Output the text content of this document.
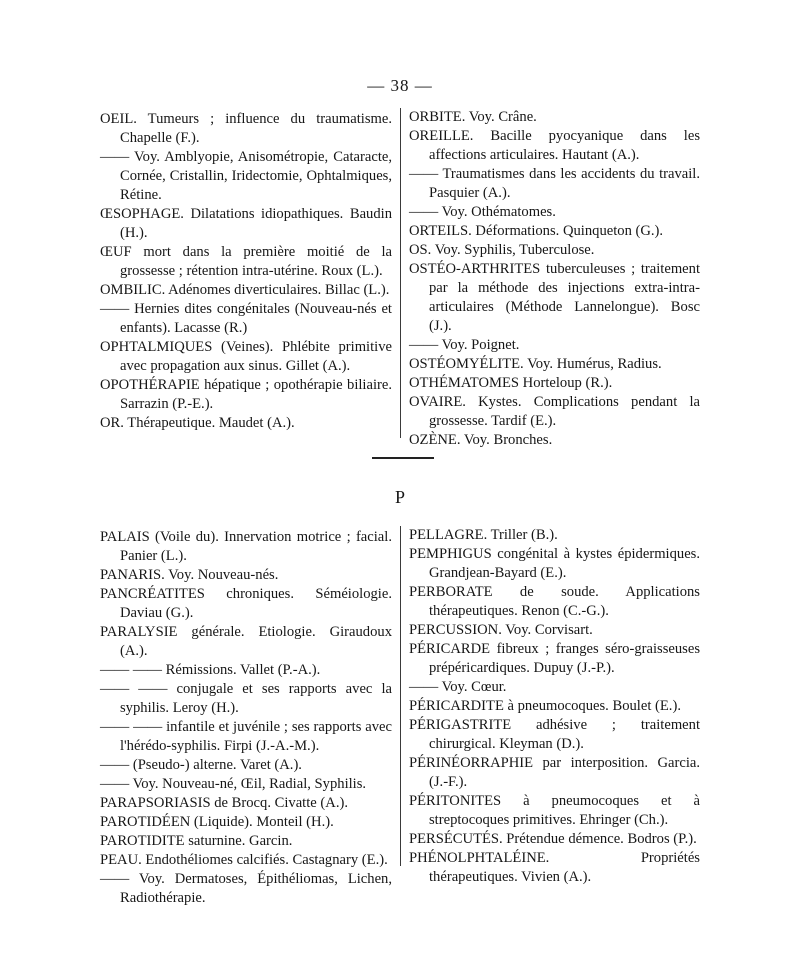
— 38 —

OEIL. Tumeurs ; influence du traumatisme. Chapelle (F.).

—— Voy. Amblyopie, Anisométropie, Cataracte, Cornée, Cristallin, Iridectomie, Ophtalmiques, Rétine.

ŒSOPHAGE. Dilatations idiopathiques. Baudin (H.).

ŒUF mort dans la première moitié de la grossesse ; rétention intra-utérine. Roux (L.).

OMBILIC. Adénomes diverticulaires. Billac (L.).

—— Hernies dites congénitales (Nouveau-nés et enfants). Lacasse (R.)

OPHTALMIQUES (Veines). Phlébite primitive avec propagation aux sinus. Gillet (A.).

OPOTHÉRAPIE hépatique ; opothérapie biliaire. Sarrazin (P.-E.).

OR. Thérapeutique. Maudet (A.).

ORBITE. Voy. Crâne.

OREILLE. Bacille pyocyanique dans les affections articulaires. Hautant (A.).

—— Traumatismes dans les accidents du travail. Pasquier (A.).

—— Voy. Othématomes.

ORTEILS. Déformations. Quinqueton (G.).

OS. Voy. Syphilis, Tuberculose.

OSTÉO-ARTHRITES tuberculeuses ; traitement par la méthode des injections extra-intra-articulaires (Méthode Lannelongue). Bosc (J.).

—— Voy. Poignet.

OSTÉOMYÉLITE. Voy. Humérus, Radius.

OTHÉMATOMES Horteloup (R.).

OVAIRE. Kystes. Complications pendant la grossesse. Tardif (E.).

OZÈNE. Voy. Bronches.

P

PALAIS (Voile du). Innervation motrice ; facial. Panier (L.).

PANARIS. Voy. Nouveau-nés.

PANCRÉATITES chroniques. Séméiologie. Daviau (G.).

PARALYSIE générale. Etiologie. Giraudoux (A.).

—— —— Rémissions. Vallet (P.-A.).

—— —— conjugale et ses rapports avec la syphilis. Leroy (H.).

—— —— infantile et juvénile ; ses rapports avec l'hérédo-syphilis. Firpi (J.-A.-M.).

—— (Pseudo-) alterne. Varet (A.).

—— Voy. Nouveau-né, Œil, Radial, Syphilis.

PARAPSORIASIS de Brocq. Civatte (A.).

PAROTIDÉEN (Liquide). Monteil (H.).

PAROTIDITE saturnine. Garcin.

PEAU. Endothéliomes calcifiés. Castagnary (E.).

—— Voy. Dermatoses, Épithéliomas, Lichen, Radiothérapie.

PELLAGRE. Triller (B.).

PEMPHIGUS congénital à kystes épidermiques. Grandjean-Bayard (E.).

PERBORATE de soude. Applications thérapeutiques. Renon (C.-G.).

PERCUSSION. Voy. Corvisart.

PÉRICARDE fibreux ; franges séro-graisseuses prépéricardiques. Dupuy (J.-P.).

—— Voy. Cœur.

PÉRICARDITE à pneumocoques. Boulet (E.).

PÉRIGASTRITE adhésive ; traitement chirurgical. Kleyman (D.).

PÉRINÉORRAPHIE par interposition. Garcia. (J.-F.).

PÉRITONITES à pneumocoques et à streptocoques primitives. Ehringer (Ch.).

PERSÉCUTÉS. Prétendue démence. Bodros (P.).

PHÉNOLPHTALÉINE. Propriétés thérapeutiques. Vivien (A.).
